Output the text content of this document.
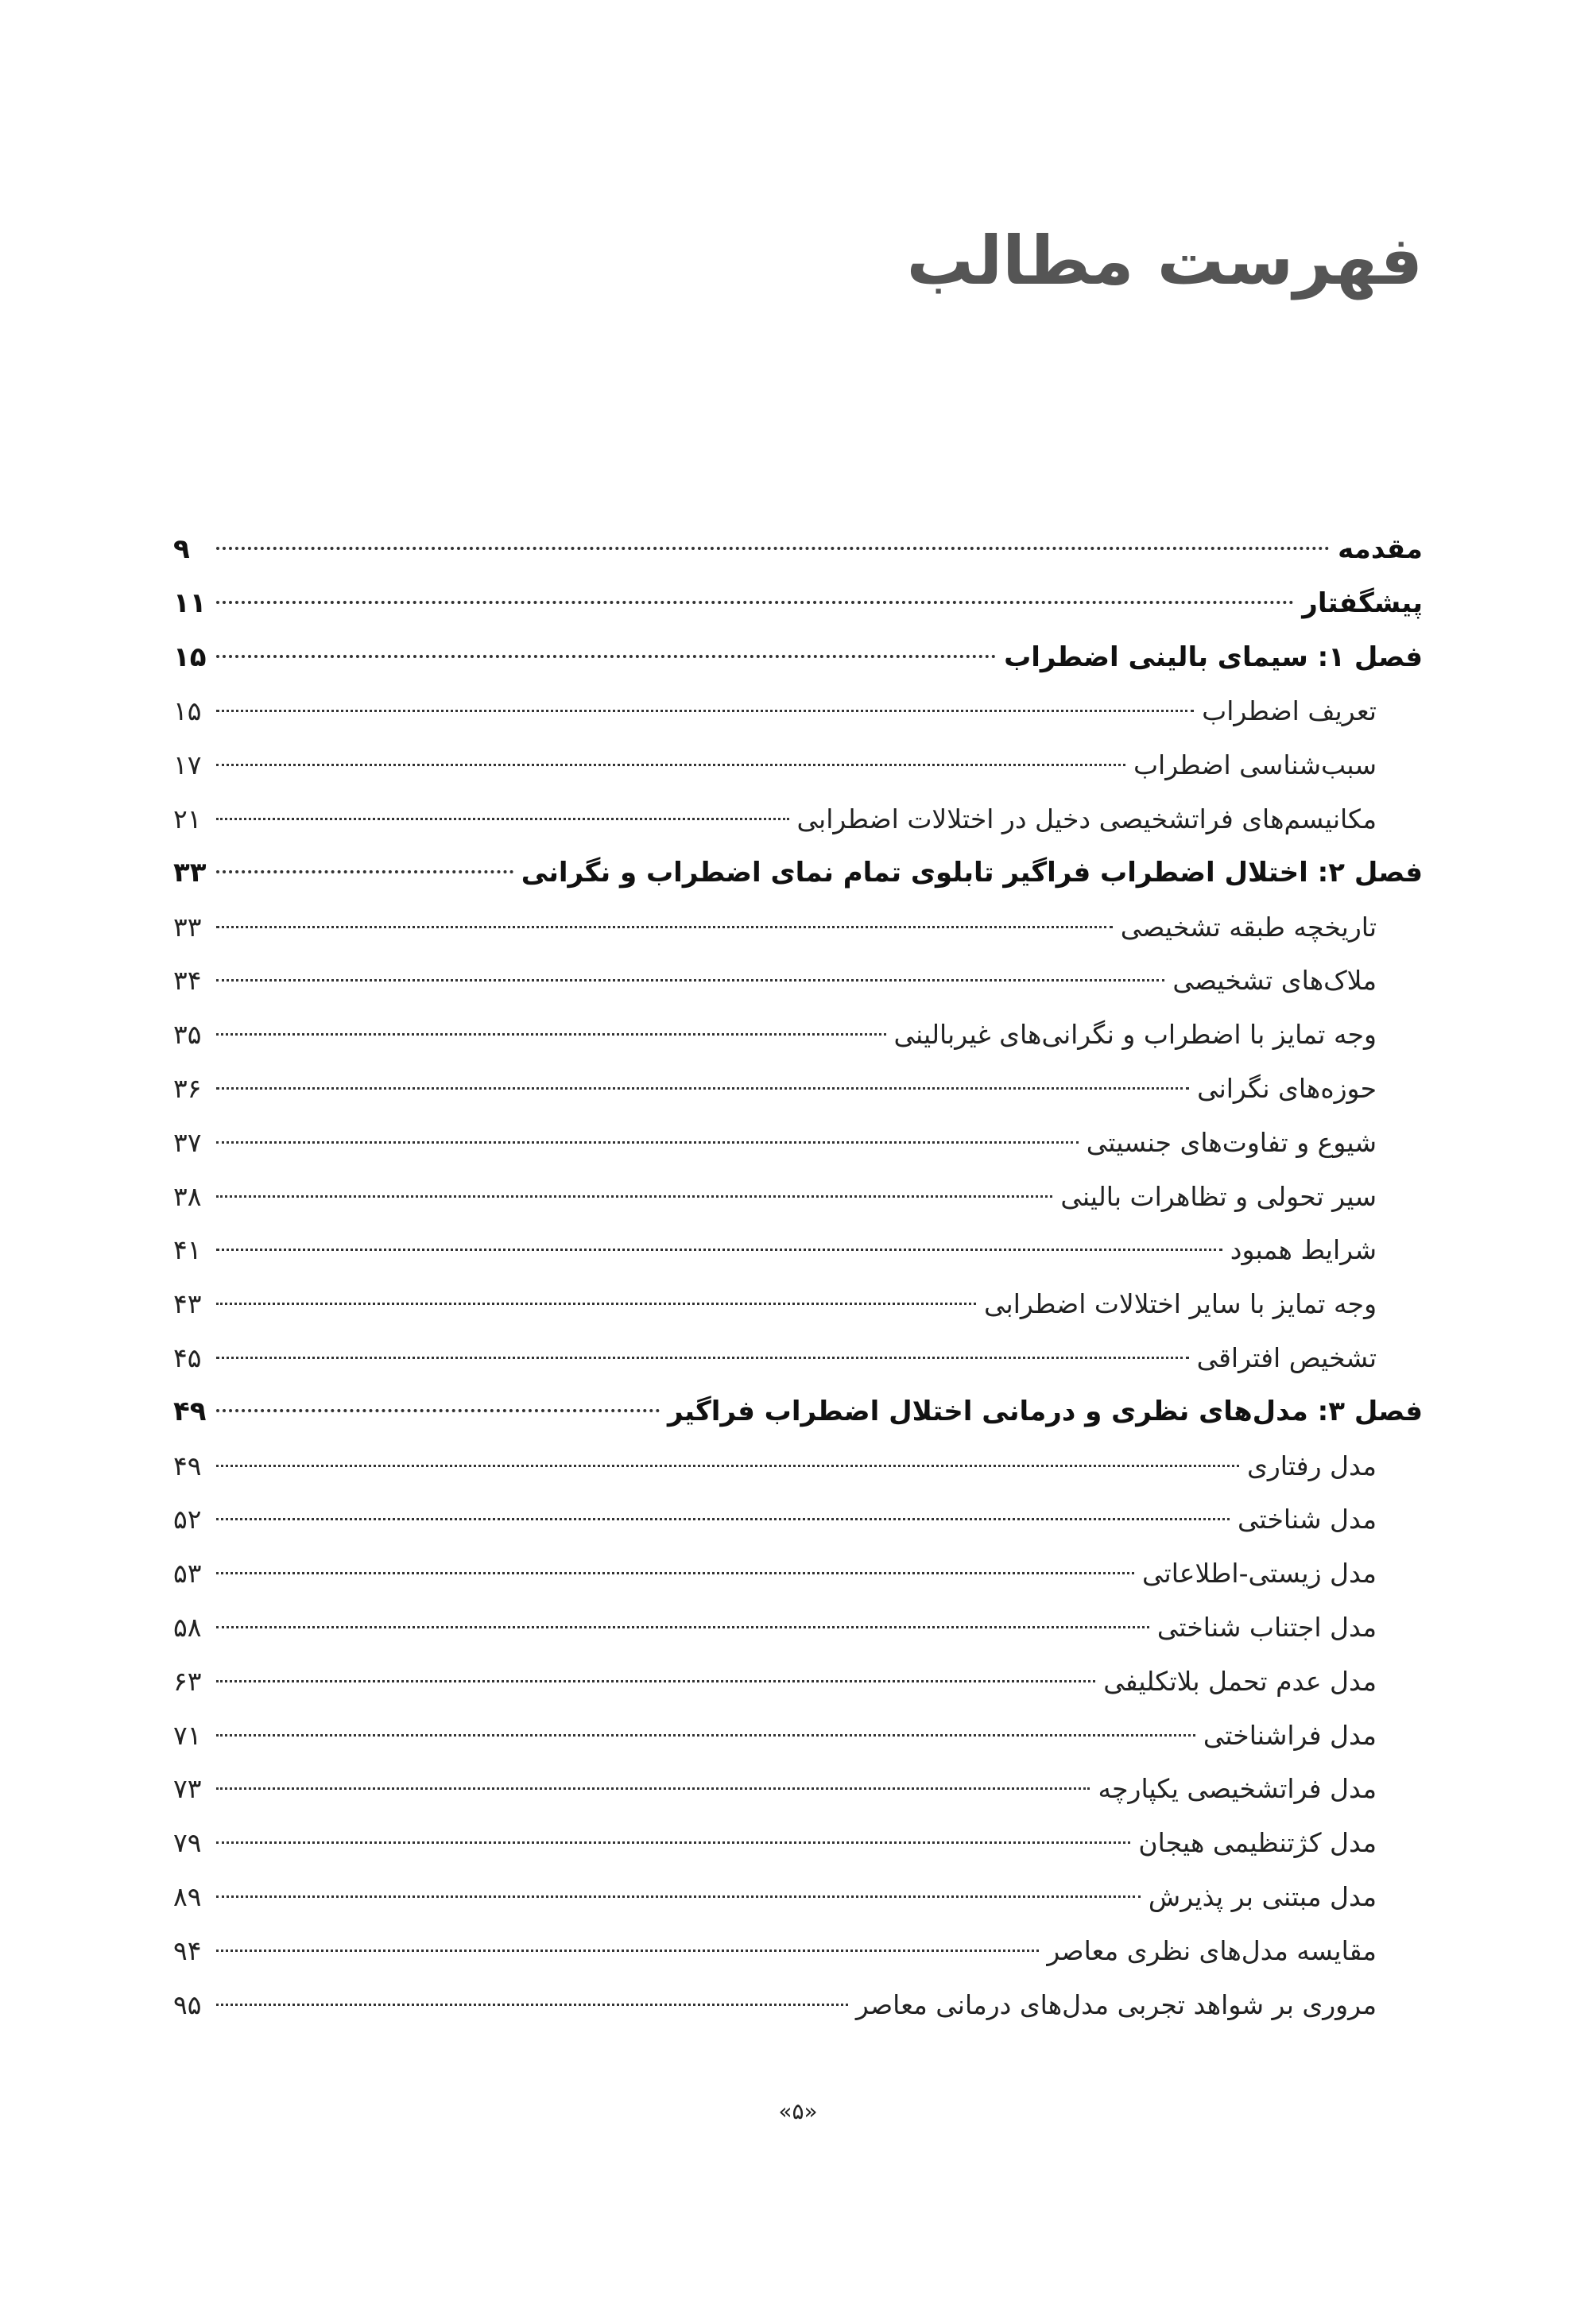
فهرست مطالب
مقدمه
۹
پیشگفتار
۱۱
فصل ۱: سیمای بالینی اضطراب
۱۵
تعریف اضطراب
۱۵
سبب‌شناسی اضطراب
۱۷
مکانیسم‌های فراتشخیصی دخیل در اختلالات اضطرابی
۲۱
فصل ۲: اختلال اضطراب فراگیر تابلوی تمام نمای اضطراب و نگرانی
۳۳
تاریخچه طبقه تشخیصی
۳۳
ملاک‌های تشخیصی
۳۴
وجه تمایز با اضطراب و نگرانی‌های غیربالینی
۳۵
حوزه‌های نگرانی
۳۶
شیوع و تفاوت‌های جنسیتی
۳۷
سیر تحولی و تظاهرات بالینی
۳۸
شرایط همبود
۴۱
وجه تمایز با سایر اختلالات اضطرابی
۴۳
تشخیص افتراقی
۴۵
فصل ۳: مدل‌های نظری و درمانی اختلال اضطراب فراگیر
۴۹
مدل رفتاری
۴۹
مدل شناختی
۵۲
مدل زیستی-اطلاعاتی
۵۳
مدل اجتناب شناختی
۵۸
مدل عدم تحمل بلاتکلیفی
۶۳
مدل فراشناختی
۷۱
مدل فراتشخیصی یکپارچه
۷۳
مدل کژتنظیمی هیجان
۷۹
مدل مبتنی بر پذیرش
۸۹
مقایسه مدل‌های نظری معاصر
۹۴
مروری بر شواهد تجربی مدل‌های درمانی معاصر
۹۵
«۵»
